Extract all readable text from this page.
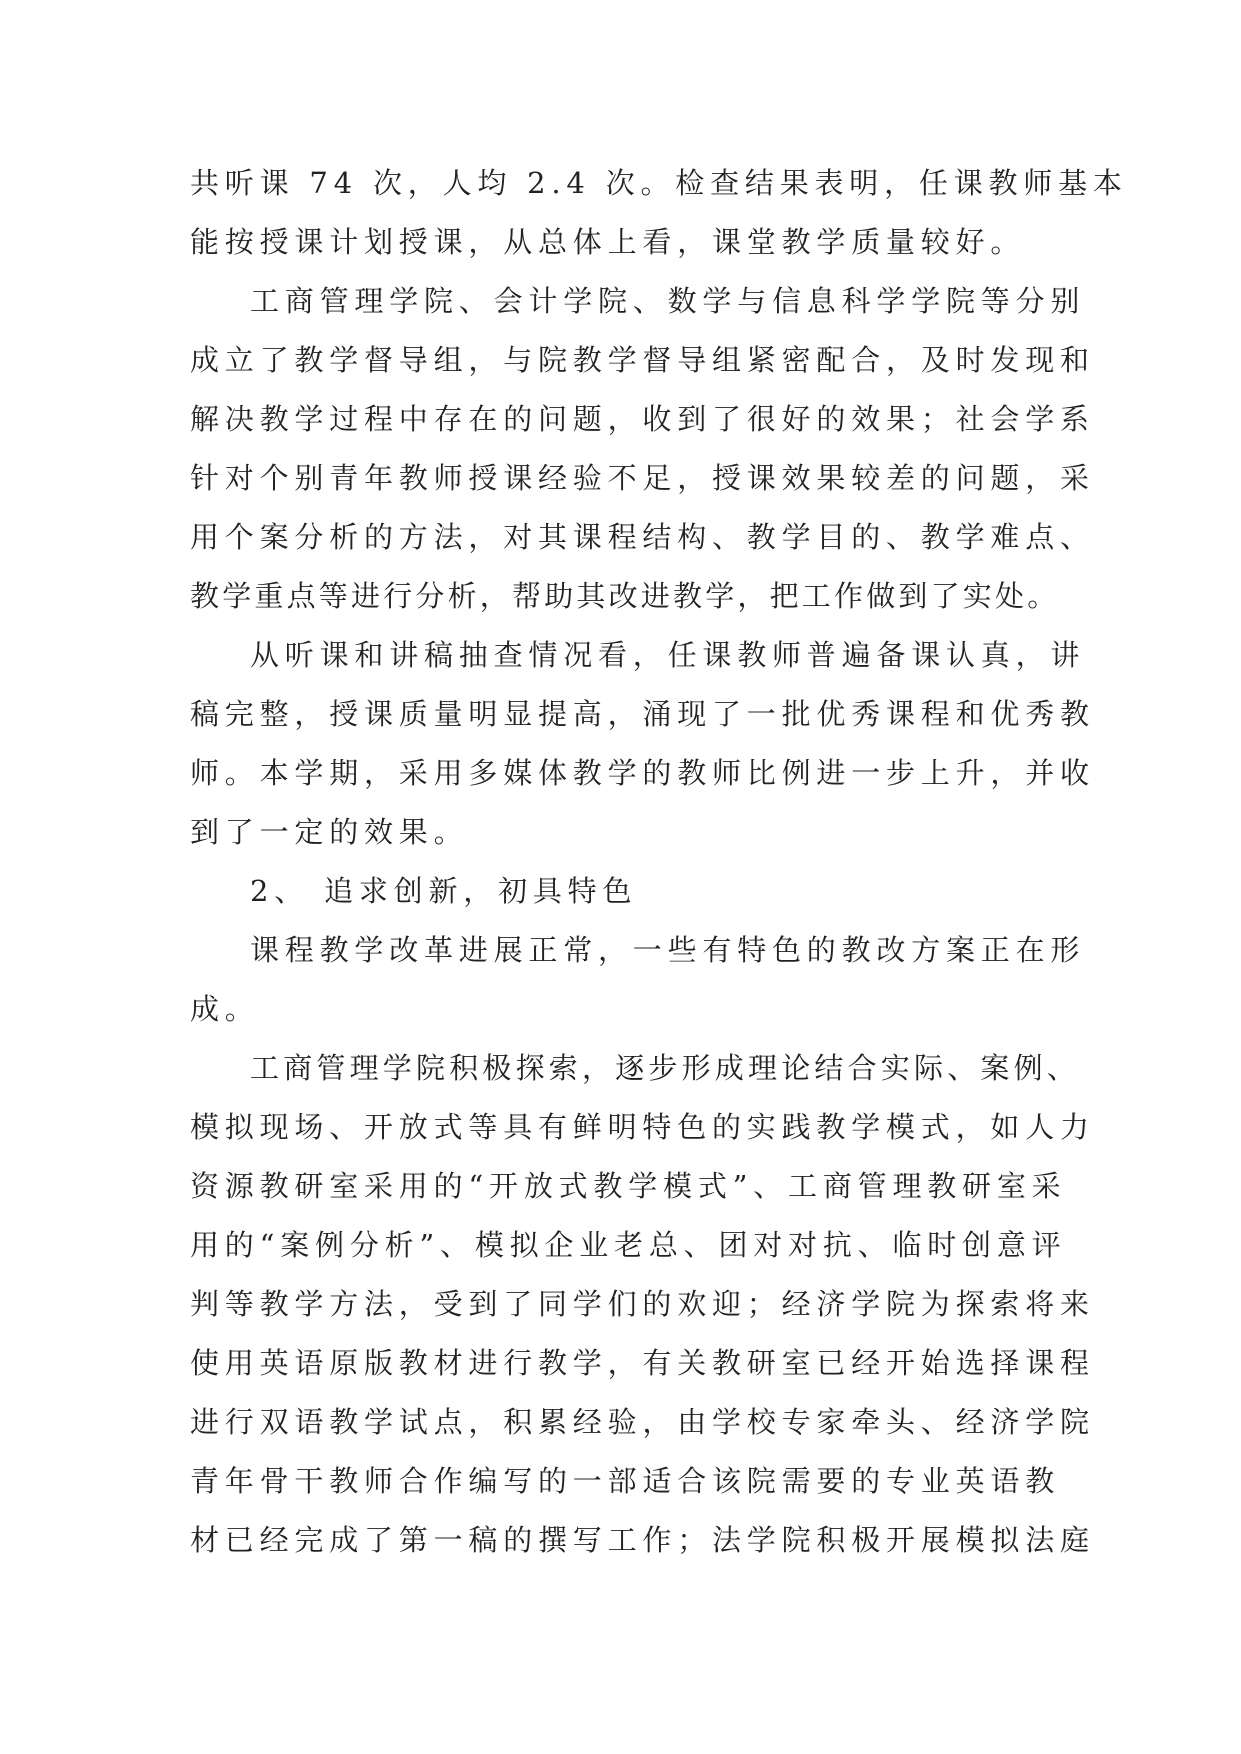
共听课 74 次，人均 2.4 次。检查结果表明，任课教师基本
能按授课计划授课，从总体上看，课堂教学质量较好。
工商管理学院、会计学院、数学与信息科学学院等分别
成立了教学督导组，与院教学督导组紧密配合，及时发现和
解决教学过程中存在的问题，收到了很好的效果；社会学系
针对个别青年教师授课经验不足，授课效果较差的问题，采
用个案分析的方法，对其课程结构、教学目的、教学难点、
教学重点等进行分析，帮助其改进教学，把工作做到了实处。
从听课和讲稿抽查情况看，任课教师普遍备课认真，讲
稿完整，授课质量明显提高，涌现了一批优秀课程和优秀教
师。本学期，采用多媒体教学的教师比例进一步上升，并收
到了一定的效果。
2、 追求创新，初具特色
课程教学改革进展正常，一些有特色的教改方案正在形
成。
工商管理学院积极探索，逐步形成理论结合实际、案例、
模拟现场、开放式等具有鲜明特色的实践教学模式，如人力
资源教研室采用的“开放式教学模式”、工商管理教研室采
用的“案例分析”、模拟企业老总、团对对抗、临时创意评
判等教学方法，受到了同学们的欢迎；经济学院为探索将来
使用英语原版教材进行教学，有关教研室已经开始选择课程
进行双语教学试点，积累经验，由学校专家牵头、经济学院
青年骨干教师合作编写的一部适合该院需要的专业英语教
材已经完成了第一稿的撰写工作；法学院积极开展模拟法庭
